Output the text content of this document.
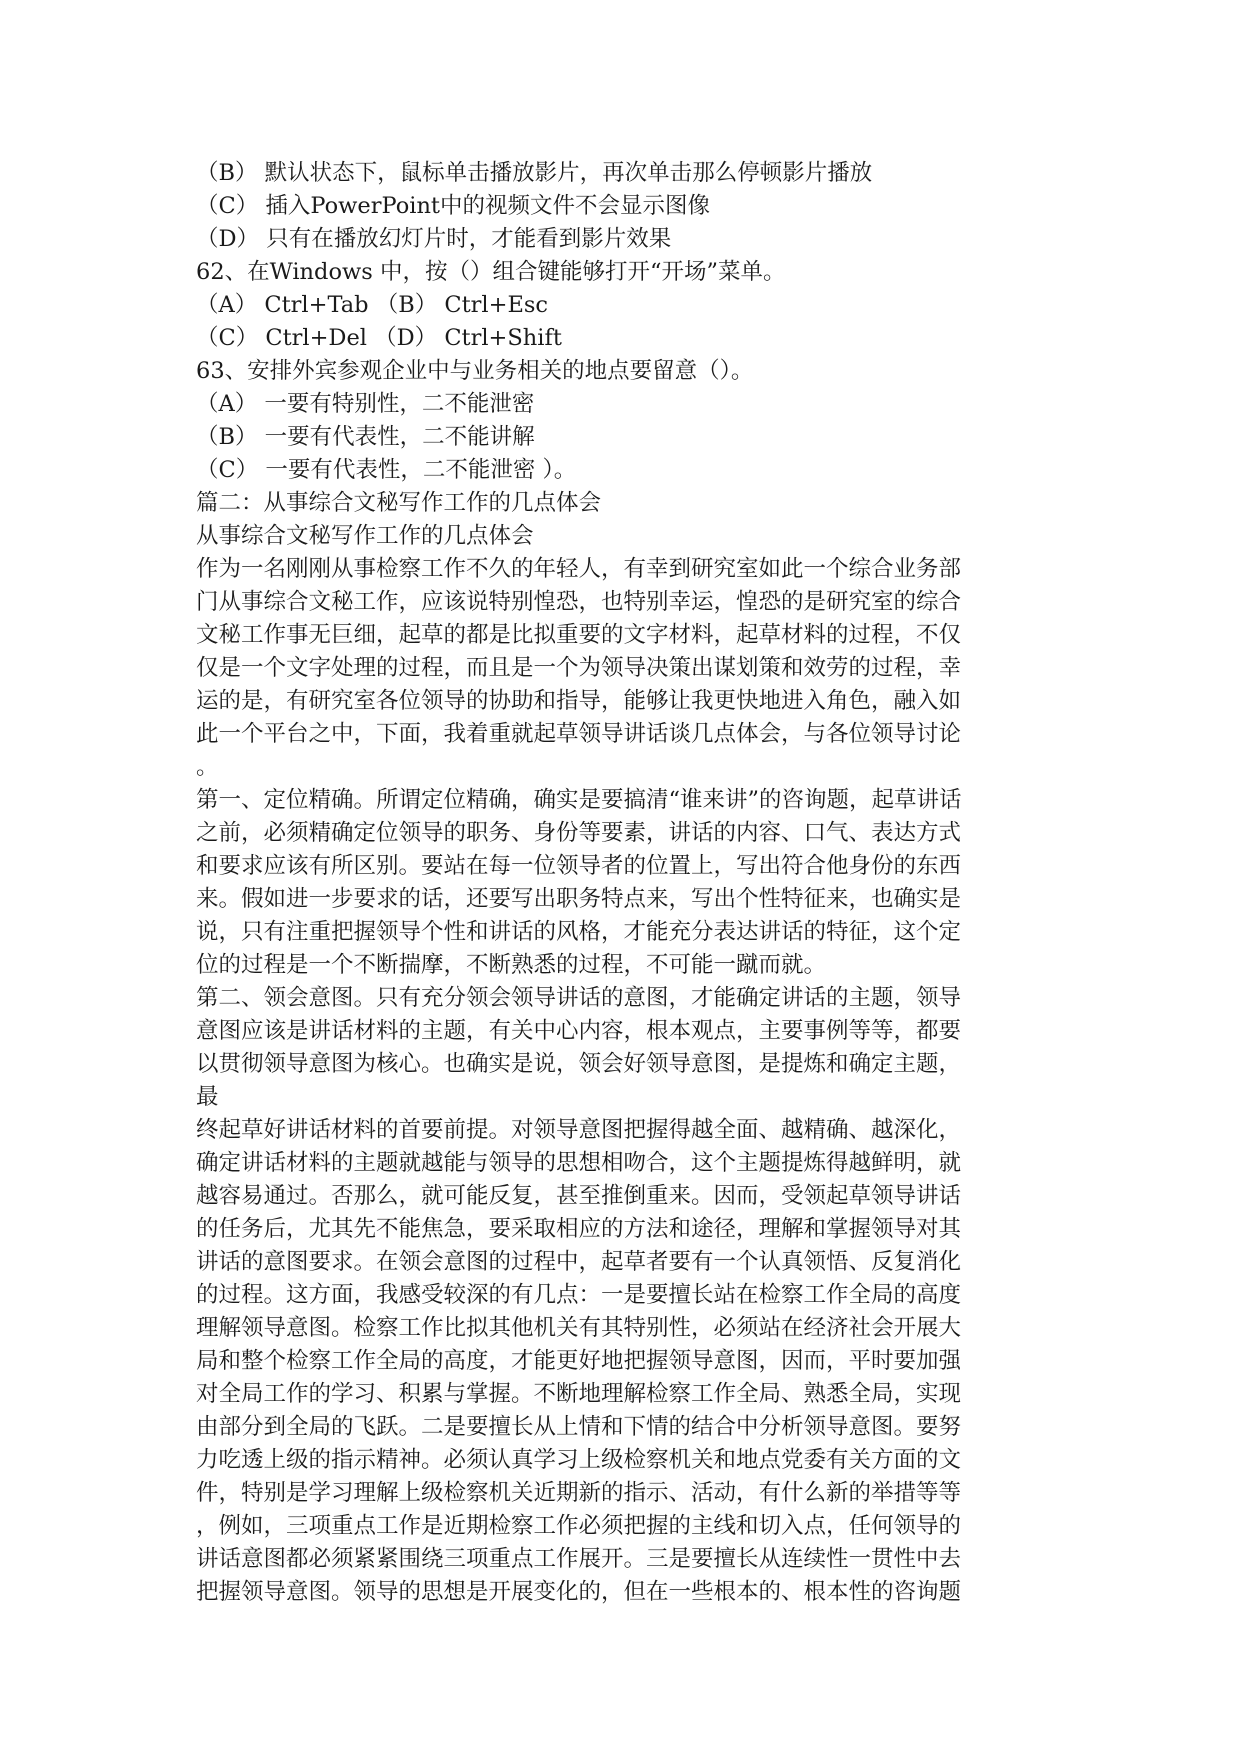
（B） 默认状态下，鼠标单击播放影片，再次单击那么停顿影片播放
（C） 插入PowerPoint中的视频文件不会显示图像
（D） 只有在播放幻灯片时，才能看到影片效果
62、在Windows 中，按（）组合键能够打开“开场”菜单。
（A） Ctrl+Tab （B） Ctrl+Esc
（C） Ctrl+Del （D） Ctrl+Shift
63、安排外宾参观企业中与业务相关的地点要留意（）。
（A） 一要有特别性，二不能泄密
（B） 一要有代表性，二不能讲解
（C） 一要有代表性，二不能泄密 ）。
篇二：从事综合文秘写作工作的几点体会
从事综合文秘写作工作的几点体会
作为一名刚刚从事检察工作不久的年轻人，有幸到研究室如此一个综合业务部
门从事综合文秘工作，应该说特别惶恐，也特别幸运，惶恐的是研究室的综合
文秘工作事无巨细，起草的都是比拟重要的文字材料，起草材料的过程，不仅
仅是一个文字处理的过程，而且是一个为领导决策出谋划策和效劳的过程，幸
运的是，有研究室各位领导的协助和指导，能够让我更快地进入角色，融入如
此一个平台之中，下面，我着重就起草领导讲话谈几点体会，与各位领导讨论
。
第一、定位精确。所谓定位精确，确实是要搞清“谁来讲”的咨询题，起草讲话
之前，必须精确定位领导的职务、身份等要素，讲话的内容、口气、表达方式
和要求应该有所区别。要站在每一位领导者的位置上，写出符合他身份的东西
来。假如进一步要求的话，还要写出职务特点来，写出个性特征来，也确实是
说，只有注重把握领导个性和讲话的风格，才能充分表达讲话的特征，这个定
位的过程是一个不断揣摩，不断熟悉的过程，不可能一蹴而就。
第二、领会意图。只有充分领会领导讲话的意图，才能确定讲话的主题，领导
意图应该是讲话材料的主题，有关中心内容，根本观点，主要事例等等，都要
以贯彻领导意图为核心。也确实是说，领会好领导意图，是提炼和确定主题，
最
终起草好讲话材料的首要前提。对领导意图把握得越全面、越精确、越深化，
确定讲话材料的主题就越能与领导的思想相吻合，这个主题提炼得越鲜明，就
越容易通过。否那么，就可能反复，甚至推倒重来。因而，受领起草领导讲话
的任务后，尤其先不能焦急，要采取相应的方法和途径，理解和掌握领导对其
讲话的意图要求。在领会意图的过程中，起草者要有一个认真领悟、反复消化
的过程。这方面，我感受较深的有几点：一是要擅长站在检察工作全局的高度
理解领导意图。检察工作比拟其他机关有其特别性，必须站在经济社会开展大
局和整个检察工作全局的高度，才能更好地把握领导意图，因而，平时要加强
对全局工作的学习、积累与掌握。不断地理解检察工作全局、熟悉全局，实现
由部分到全局的飞跃。二是要擅长从上情和下情的结合中分析领导意图。要努
力吃透上级的指示精神。必须认真学习上级检察机关和地点党委有关方面的文
件，特别是学习理解上级检察机关近期新的指示、活动，有什么新的举措等等
，例如，三项重点工作是近期检察工作必须把握的主线和切入点，任何领导的
讲话意图都必须紧紧围绕三项重点工作展开。三是要擅长从连续性一贯性中去
把握领导意图。领导的思想是开展变化的，但在一些根本的、根本性的咨询题
